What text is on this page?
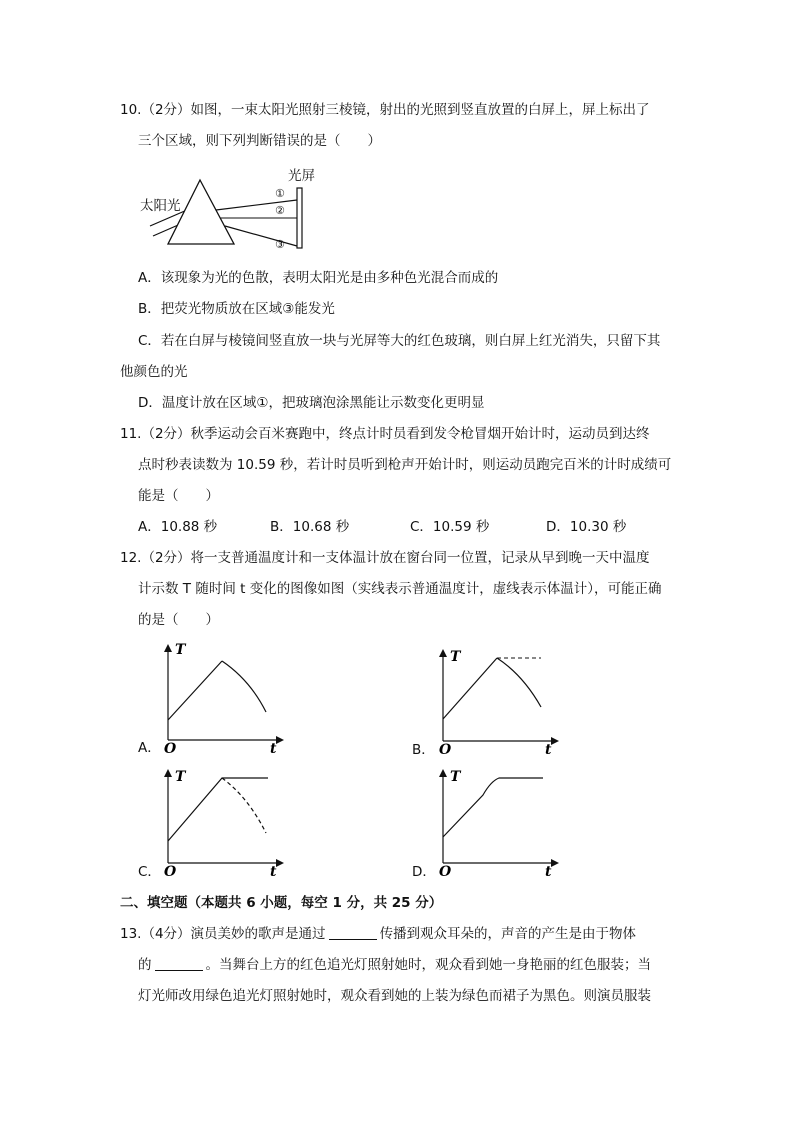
10.（2分）如图，一束太阳光照射三棱镜，射出的光照到竖直放置的白屏上，屏上标出了
三个区域，则下列判断错误的是（　　）
太阳光
光屏
①
②
③
A．该现象为光的色散，表明太阳光是由多种色光混合而成的
B．把荧光物质放在区域③能发光
C．若在白屏与棱镜间竖直放一块与光屏等大的红色玻璃，则白屏上红光消失，只留下其
他颜色的光
D．温度计放在区域①，把玻璃泡涂黑能让示数变化更明显
11.（2分）秋季运动会百米赛跑中，终点计时员看到发令枪冒烟开始计时，运动员到达终
点时秒表读数为 10.59 秒，若计时员听到枪声开始计时，则运动员跑完百米的计时成绩可
能是（　　）
A．10.88 秒	B．10.68 秒	C．10.59 秒	D．10.30 秒
12.（2分）将一支普通温度计和一支体温计放在窗台同一位置，记录从早到晚一天中温度
计示数 T 随时间 t 变化的图像如图（实线表示普通温度计，虚线表示体温计），可能正确
的是（　　）
A．
T
t
O	B．
T
t
O
C．
T
t
O	D．
T
t
O
二、填空题（本题共 6 小题，每空 1 分，共 25 分）
13.（4分）演员美妙的歌声是通过	传播到观众耳朵的，声音的产生是由于物体
的	。当舞台上方的红色追光灯照射她时，观众看到她一身艳丽的红色服装；当
灯光师改用绿色追光灯照射她时，观众看到她的上装为绿色而裙子为黑色。则演员服装
